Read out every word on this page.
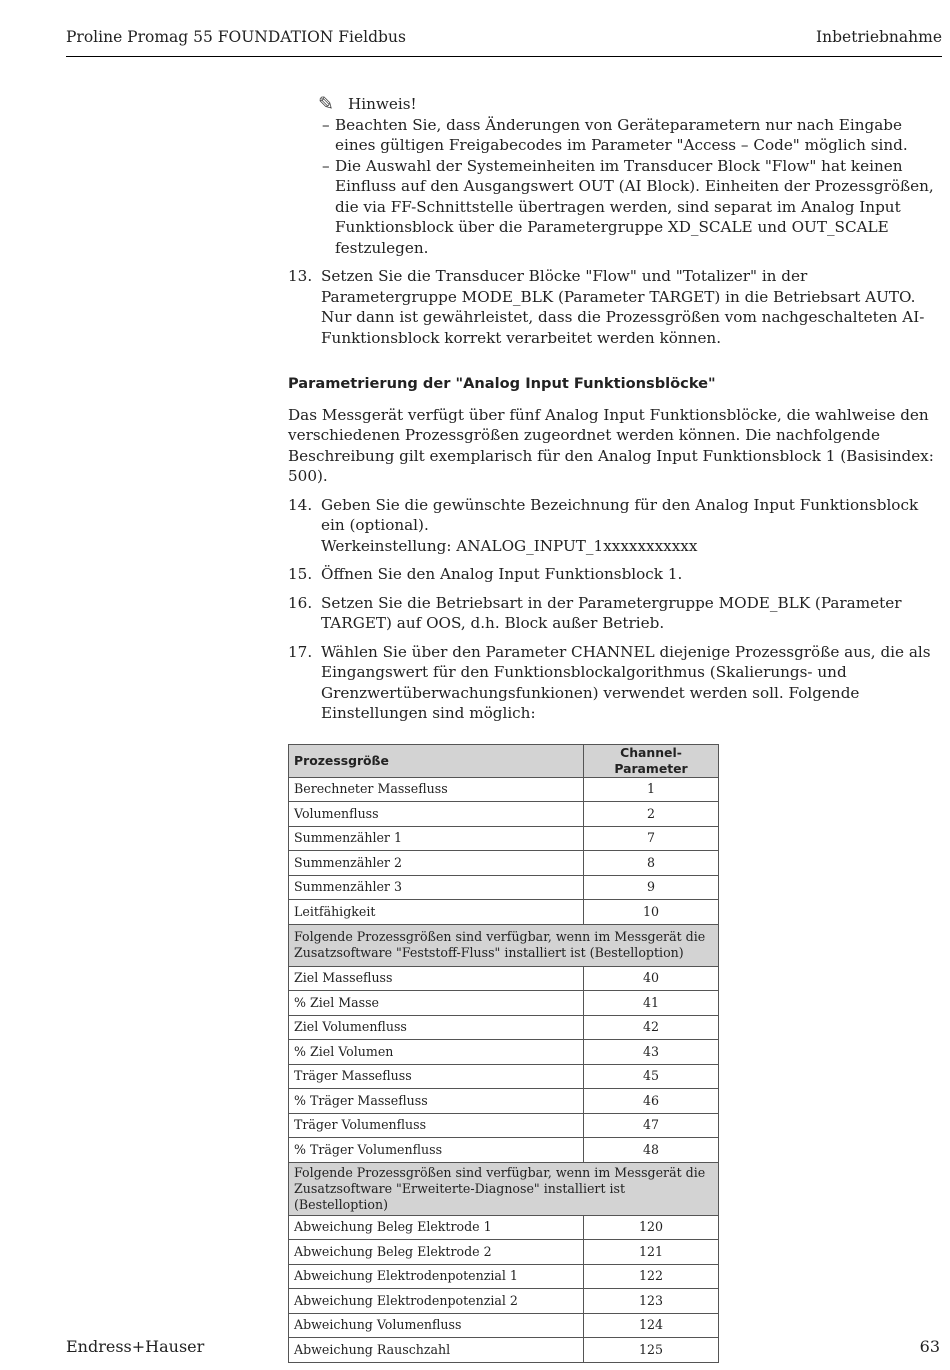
Proline Promag 55 FOUNDATION Fieldbus	Inbetriebnahme
✎ Hinweis!
– Beachten Sie, dass Änderungen von Geräteparametern nur nach Eingabe eines gültigen Freigabecodes im Parameter "Access – Code" möglich sind.
– Die Auswahl der Systemeinheiten im Transducer Block "Flow" hat keinen Einfluss auf den Ausgangswert OUT (AI Block). Einheiten der Prozessgrößen, die via FF-Schnittstelle übertragen werden, sind separat im Analog Input Funktionsblock über die Parametergruppe XD_SCALE und OUT_SCALE festzulegen.
13. Setzen Sie die Transducer Blöcke "Flow" und "Totalizer" in der Parametergruppe MODE_BLK (Parameter TARGET) in die Betriebsart AUTO. Nur dann ist gewährleistet, dass die Prozessgrößen vom nachgeschalteten AI-Funktionsblock korrekt verarbeitet werden können.
Parametrierung der "Analog Input Funktionsblöcke"
Das Messgerät verfügt über fünf Analog Input Funktionsblöcke, die wahlweise den verschiedenen Prozessgrößen zugeordnet werden können. Die nachfolgende Beschreibung gilt exemplarisch für den Analog Input Funktionsblock 1 (Basisindex: 500).
14. Geben Sie die gewünschte Bezeichnung für den Analog Input Funktionsblock ein (optional).
Werkeinstellung: ANALOG_INPUT_1xxxxxxxxxxx
15. Öffnen Sie den Analog Input Funktionsblock 1.
16. Setzen Sie die Betriebsart in der Parametergruppe MODE_BLK (Parameter TARGET) auf OOS, d.h. Block außer Betrieb.
17. Wählen Sie über den Parameter CHANNEL diejenige Prozessgröße aus, die als Eingangswert für den Funktionsblockalgorithmus (Skalierungs- und Grenzwertüberwachungsfunkionen) verwendet werden soll. Folgende Einstellungen sind möglich:
Prozessgröße	Channel-Parameter
Berechneter Massefluss	1
Volumenfluss	2
Summenzähler 1	7
Summenzähler 2	8
Summenzähler 3	9
Leitfähigkeit	10
Folgende Prozessgrößen sind verfügbar, wenn im Messgerät die Zusatzsoftware "Feststoff-Fluss" installiert ist (Bestelloption)	
Ziel Massefluss	40
% Ziel Masse	41
Ziel Volumenfluss	42
% Ziel Volumen	43
Träger Massefluss	45
% Träger Massefluss	46
Träger Volumenfluss	47
% Träger Volumenfluss	48
Folgende Prozessgrößen sind verfügbar, wenn im Messgerät die Zusatzsoftware "Erweiterte-Diagnose" installiert ist (Bestelloption)	
Abweichung Beleg Elektrode 1	120
Abweichung Beleg Elektrode 2	121
Abweichung Elektrodenpotenzial 1	122
Abweichung Elektrodenpotenzial 2	123
Abweichung Volumenfluss	124
Abweichung Rauschzahl	125
Endress+Hauser	63
